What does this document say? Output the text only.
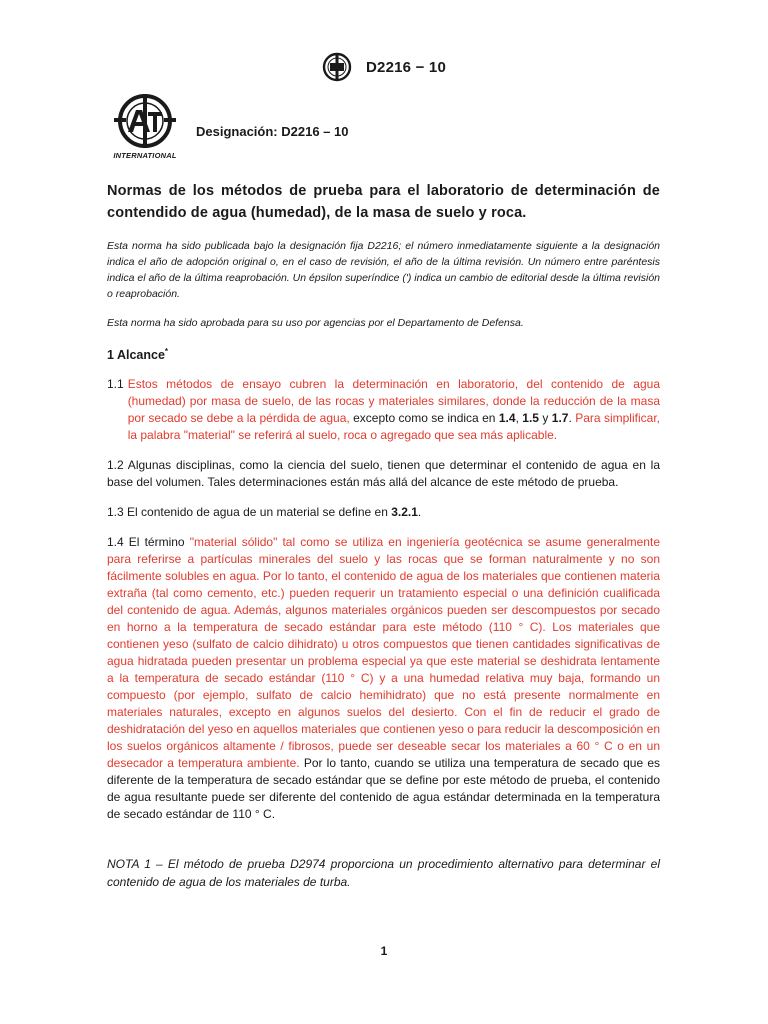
D2216 − 10
INTERNATIONAL
Designación: D2216 – 10
Normas de los métodos de prueba para el laboratorio de determinación de contendido de agua (humedad), de la masa de suelo y roca.
Esta norma ha sido publicada bajo la designación fija D2216; el número inmediatamente siguiente a la designación indica el año de adopción original o, en el caso de revisión, el año de la última revisión. Un número entre paréntesis indica el año de la última reaprobación. Un épsilon superíndice (') indica un cambio de editorial desde la última revisión o reaprobación.
Esta norma ha sido aprobada para su uso por agencias por el Departamento de Defensa.
1 Alcance*
1.1 Estos métodos de ensayo cubren la determinación en laboratorio, del contenido de agua (humedad) por masa de suelo, de las rocas y materiales similares, donde la reducción de la masa por secado se debe a la pérdida de agua, excepto como se indica en 1.4, 1.5 y 1.7. Para simplificar, la palabra "material" se referirá al suelo, roca o agregado que sea más aplicable.
1.2 Algunas disciplinas, como la ciencia del suelo, tienen que determinar el contenido de agua en la base del volumen. Tales determinaciones están más allá del alcance de este método de prueba.
1.3 El contenido de agua de un material se define en 3.2.1.
1.4 El término "material sólido" tal como se utiliza en ingeniería geotécnica se asume generalmente para referirse a partículas minerales del suelo y las rocas que se forman naturalmente y no son fácilmente solubles en agua. Por lo tanto, el contenido de agua de los materiales que contienen materia extraña (tal como cemento, etc.) pueden requerir un tratamiento especial o una definición cualificada del contenido de agua. Además, algunos materiales orgánicos pueden ser descompuestos por secado en horno a la temperatura de secado estándar para este método (110 ° C). Los materiales que contienen yeso (sulfato de calcio dihidrato) u otros compuestos que tienen cantidades significativas de agua hidratada pueden presentar un problema especial ya que este material se deshidrata lentamente a la temperatura de secado estándar (110 ° C) y a una humedad relativa muy baja, formando un compuesto (por ejemplo, sulfato de calcio hemihidrato) que no está presente normalmente en materiales naturales, excepto en algunos suelos del desierto. Con el fin de reducir el grado de deshidratación del yeso en aquellos materiales que contienen yeso o para reducir la descomposición en los suelos orgánicos altamente / fibrosos, puede ser deseable secar los materiales a 60 ° C o en un desecador a temperatura ambiente. Por lo tanto, cuando se utiliza una temperatura de secado que es diferente de la temperatura de secado estándar que se define por este método de prueba, el contenido de agua resultante puede ser diferente del contenido de agua estándar determinada en la temperatura de secado estándar de 110 ° C.
NOTA 1 – El método de prueba D2974 proporciona un procedimiento alternativo para determinar el contenido de agua de los materiales de turba.
1
